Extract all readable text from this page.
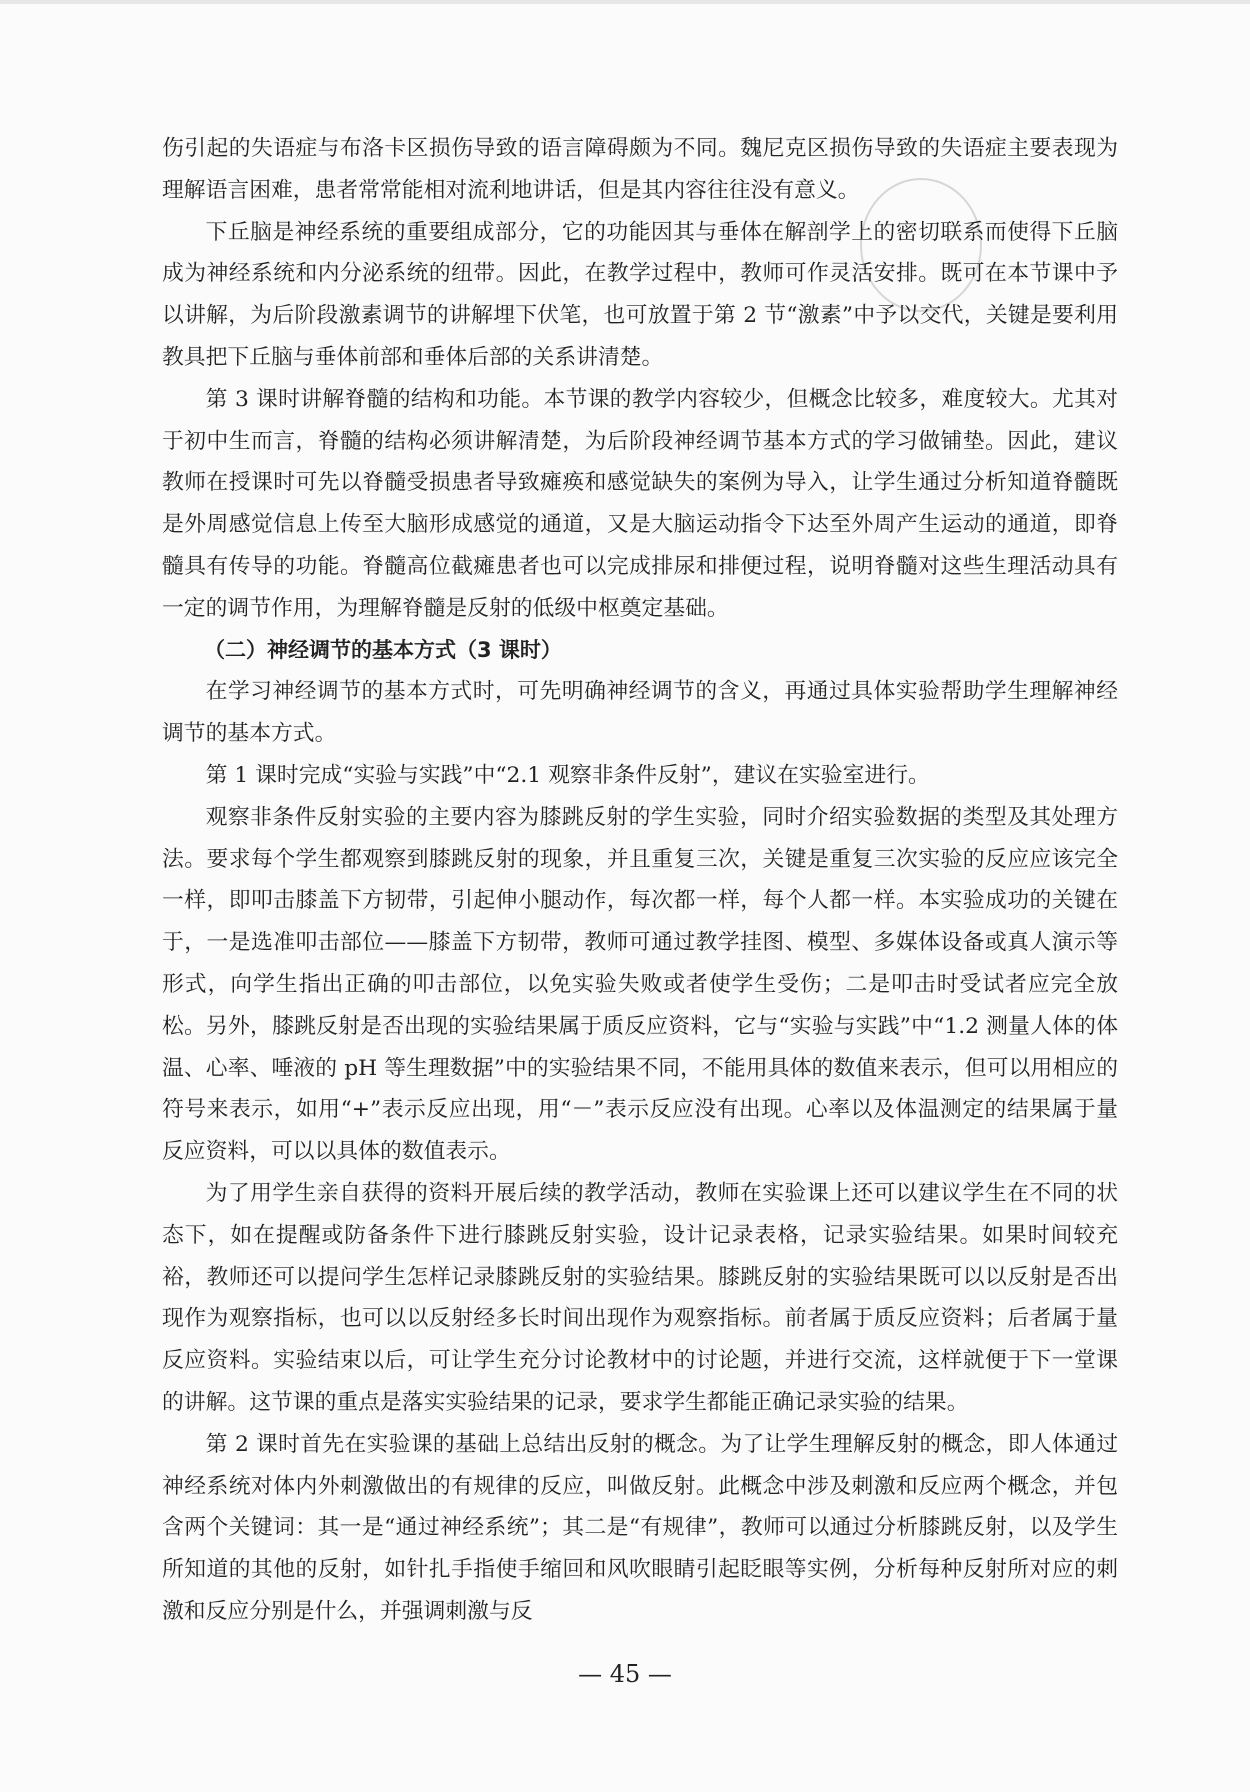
伤引起的失语症与布洛卡区损伤导致的语言障碍颇为不同。魏尼克区损伤导致的失语症主要表现为理解语言困难，患者常常能相对流利地讲话，但是其内容往往没有意义。

下丘脑是神经系统的重要组成部分，它的功能因其与垂体在解剖学上的密切联系而使得下丘脑成为神经系统和内分泌系统的纽带。因此，在教学过程中，教师可作灵活安排。既可在本节课中予以讲解，为后阶段激素调节的讲解埋下伏笔，也可放置于第 2 节“激素”中予以交代，关键是要利用教具把下丘脑与垂体前部和垂体后部的关系讲清楚。

第 3 课时讲解脊髓的结构和功能。本节课的教学内容较少，但概念比较多，难度较大。尤其对于初中生而言，脊髓的结构必须讲解清楚，为后阶段神经调节基本方式的学习做铺垫。因此，建议教师在授课时可先以脊髓受损患者导致瘫痪和感觉缺失的案例为导入，让学生通过分析知道脊髓既是外周感觉信息上传至大脑形成感觉的通道，又是大脑运动指令下达至外周产生运动的通道，即脊髓具有传导的功能。脊髓高位截瘫患者也可以完成排尿和排便过程，说明脊髓对这些生理活动具有一定的调节作用，为理解脊髓是反射的低级中枢奠定基础。

（二）神经调节的基本方式（3 课时）

在学习神经调节的基本方式时，可先明确神经调节的含义，再通过具体实验帮助学生理解神经调节的基本方式。

第 1 课时完成“实验与实践”中“2.1 观察非条件反射”，建议在实验室进行。

观察非条件反射实验的主要内容为膝跳反射的学生实验，同时介绍实验数据的类型及其处理方法。要求每个学生都观察到膝跳反射的现象，并且重复三次，关键是重复三次实验的反应应该完全一样，即叩击膝盖下方韧带，引起伸小腿动作，每次都一样，每个人都一样。本实验成功的关键在于，一是选准叩击部位——膝盖下方韧带，教师可通过教学挂图、模型、多媒体设备或真人演示等形式，向学生指出正确的叩击部位，以免实验失败或者使学生受伤；二是叩击时受试者应完全放松。另外，膝跳反射是否出现的实验结果属于质反应资料，它与“实验与实践”中“1.2 测量人体的体温、心率、唾液的 pH 等生理数据”中的实验结果不同，不能用具体的数值来表示，但可以用相应的符号来表示，如用“+”表示反应出现，用“－”表示反应没有出现。心率以及体温测定的结果属于量反应资料，可以以具体的数值表示。

为了用学生亲自获得的资料开展后续的教学活动，教师在实验课上还可以建议学生在不同的状态下，如在提醒或防备条件下进行膝跳反射实验，设计记录表格，记录实验结果。如果时间较充裕，教师还可以提问学生怎样记录膝跳反射的实验结果。膝跳反射的实验结果既可以以反射是否出现作为观察指标，也可以以反射经多长时间出现作为观察指标。前者属于质反应资料；后者属于量反应资料。实验结束以后，可让学生充分讨论教材中的讨论题，并进行交流，这样就便于下一堂课的讲解。这节课的重点是落实实验结果的记录，要求学生都能正确记录实验的结果。

第 2 课时首先在实验课的基础上总结出反射的概念。为了让学生理解反射的概念，即人体通过神经系统对体内外刺激做出的有规律的反应，叫做反射。此概念中涉及刺激和反应两个概念，并包含两个关键词：其一是“通过神经系统”；其二是“有规律”，教师可以通过分析膝跳反射，以及学生所知道的其他的反射，如针扎手指使手缩回和风吹眼睛引起眨眼等实例，分析每种反射所对应的刺激和反应分别是什么，并强调刺激与反

— 45 —
